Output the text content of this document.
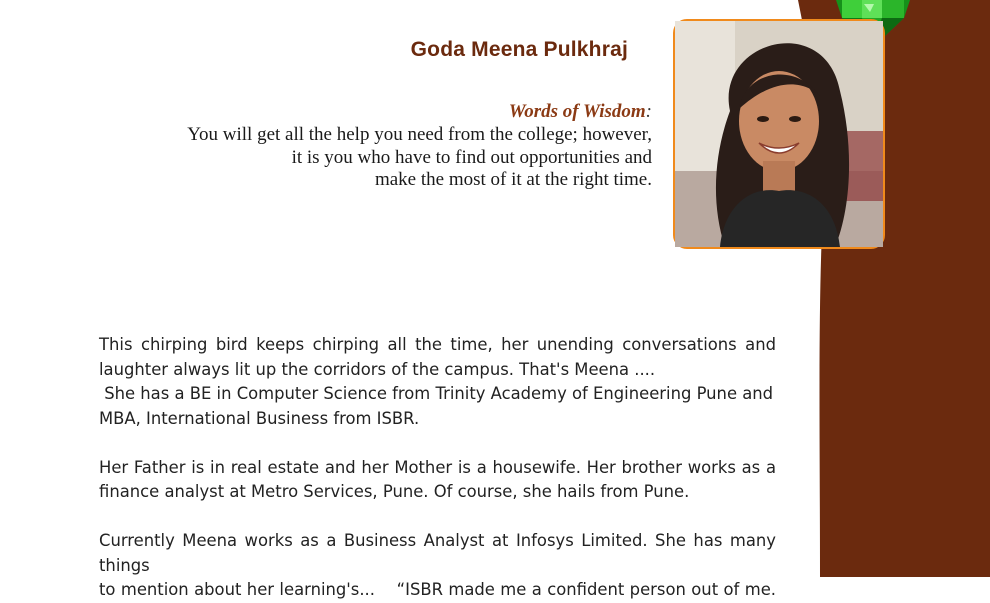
Goda Meena Pulkhraj
Words of Wisdom:
You will get all the help you need from the college; however,
it is you who have to find out opportunities and
make the most of it at the right time.

This chirping bird keeps chirping all the time, her unending conversations and

laughter always lit up the corridors of the campus. That's Meena ....

She has a BE in Computer Science from Trinity Academy of Engineering Pune and

MBA, International Business from ISBR.

Her Father is in real estate and her Mother is a housewife. Her brother works as a

finance analyst at Metro Services, Pune. Of course, she hails from Pune.

Currently Meena works as a Business Analyst at Infosys Limited. She has many things

to mention about her learning's...    “ISBR made me a confident person out of me.
